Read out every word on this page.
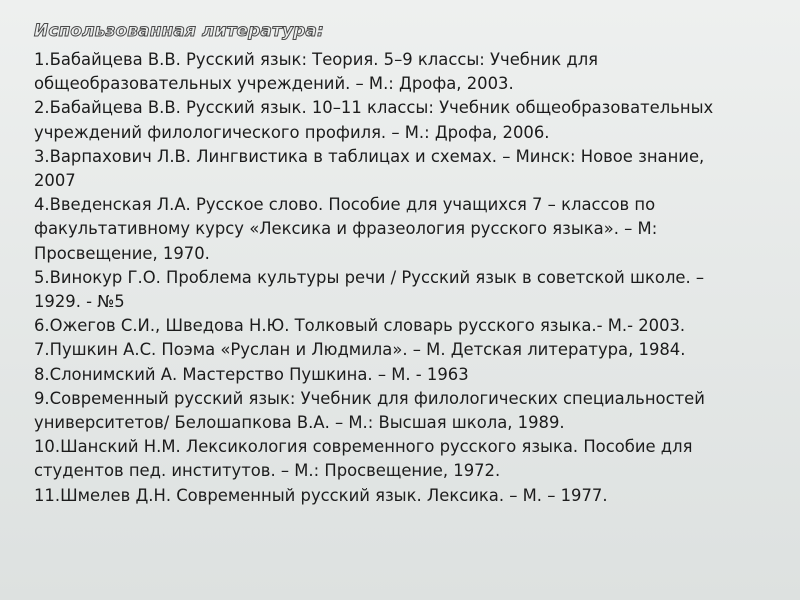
Использованная литература:
1.Бабайцева В.В. Русский язык: Теория. 5–9 классы: Учебник для
общеобразовательных учреждений. – М.: Дрофа, 2003.
2.Бабайцева В.В. Русский язык. 10–11 классы: Учебник общеобразовательных
учреждений филологического профиля. – М.: Дрофа, 2006.
3.Варпахович Л.В. Лингвистика в таблицах и схемах. – Минск: Новое знание,
2007
4.Введенская Л.А. Русское слово. Пособие для учащихся 7 – классов по
факультативному курсу «Лексика и фразеология русского языка». – М:
Просвещение, 1970.
5.Винокур Г.О. Проблема культуры речи / Русский язык в советской школе. –
1929. - №5
6.Ожегов С.И., Шведова Н.Ю. Толковый словарь русского языка.- М.- 2003.
7.Пушкин А.С. Поэма «Руслан и Людмила». – М. Детская литература, 1984.
8.Слонимский А. Мастерство Пушкина. – М. - 1963
9.Современный русский язык: Учебник для филологических специальностей
университетов/ Белошапкова В.А. – М.: Высшая школа, 1989.
10.Шанский Н.М. Лексикология современного русского языка. Пособие для
студентов пед. институтов. – М.: Просвещение, 1972.
11.Шмелев Д.Н. Современный русский язык. Лексика. – М. – 1977.
